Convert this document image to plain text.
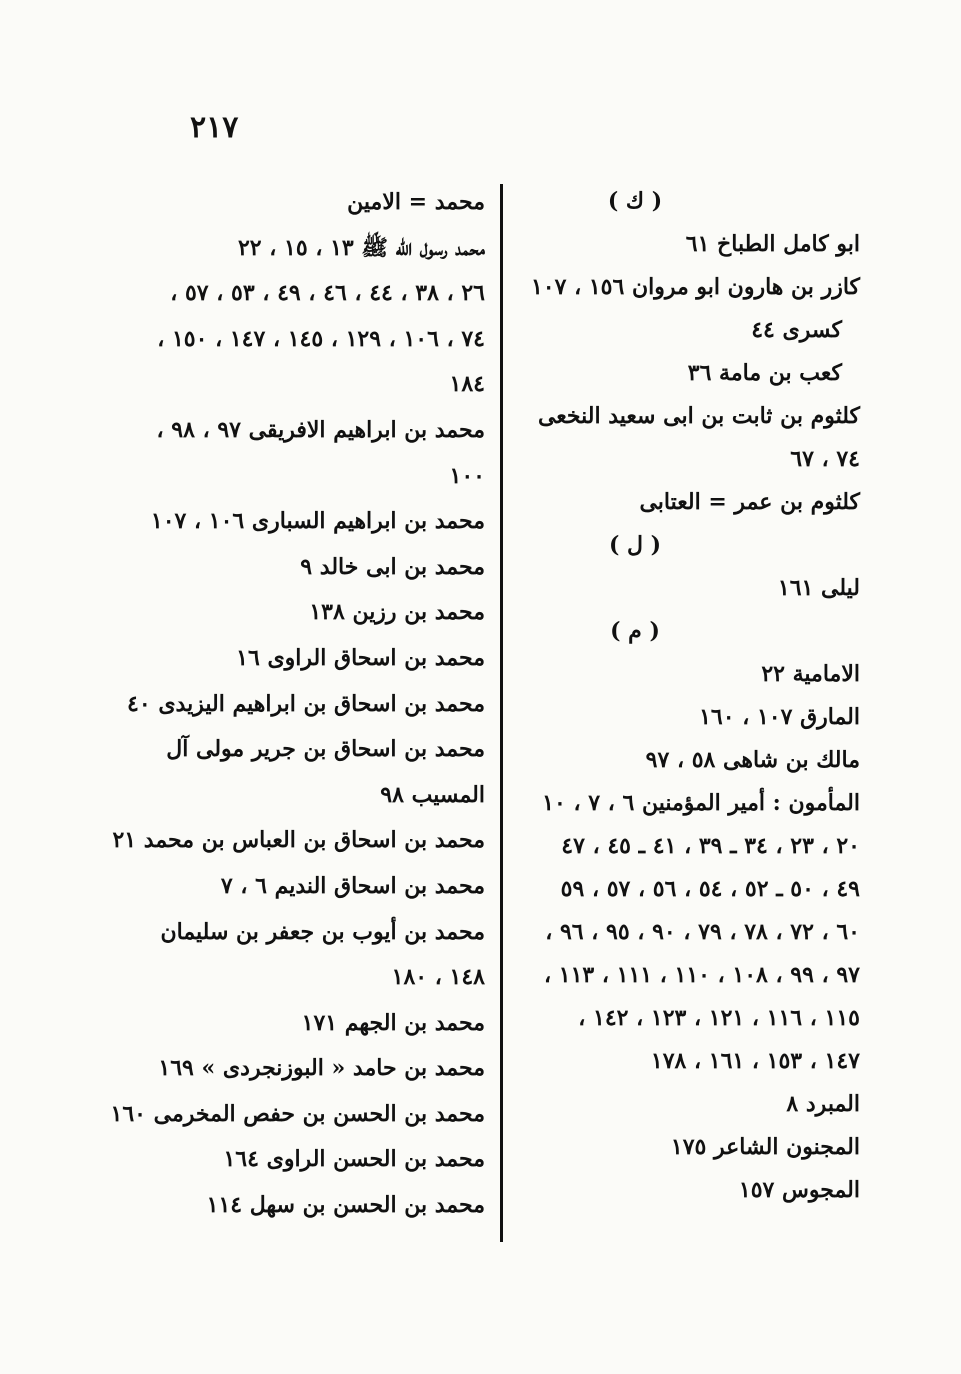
٢١٧
( ك )
ابو كامل الطباخ ٦١
كازر بن هارون ابو مروان ١٥٦ ، ١٠٧
كسرى ٤٤
كعب بن مامة ٣٦
كلثوم بن ثابت بن ابى سعيد النخعى
٧٤ ، ٦٧
كلثوم بن عمر = العتابى
( ل )
ليلى ١٦١
( م )
الامامية ٢٢
المارق ١٠٧ ، ١٦٠
مالك بن شاهى ٥٨ ، ٩٧
المأمون : أمير المؤمنين ٦ ، ٧ ، ١٠
٢٠ ، ٢٣ ، ٣٤ ـ ٣٩ ، ٤١ ـ ٤٥ ، ٤٧
٤٩ ، ٥٠ ـ ٥٢ ، ٥٤ ، ٥٦ ، ٥٧ ، ٥٩
٦٠ ، ٧٢ ، ٧٨ ، ٧٩ ، ٩٠ ، ٩٥ ، ٩٦ ،
٩٧ ، ٩٩ ، ١٠٨ ، ١١٠ ، ١١١ ، ١١٣ ،
١١٥ ، ١١٦ ، ١٢١ ، ١٢٣ ، ١٤٢ ،
١٤٧ ، ١٥٣ ، ١٦١ ، ١٧٨
المبرد ٨
المجنون الشاعر ١٧٥
المجوس ١٥٧
محمد = الامين
محمد رسول الله ﷺ ١٣ ، ١٥ ، ٢٢
٢٦ ، ٣٨ ، ٤٤ ، ٤٦ ، ٤٩ ، ٥٣ ، ٥٧ ،
٧٤ ، ١٠٦ ، ١٢٩ ، ١٤٥ ، ١٤٧ ، ١٥٠ ،
١٨٤
محمد بن ابراهيم الافريقى ٩٧ ، ٩٨ ،
١٠٠
محمد بن ابراهيم السبارى ١٠٦ ، ١٠٧
محمد بن ابى خالد ٩
محمد بن رزين ١٣٨
محمد بن اسحاق الراوى ١٦
محمد بن اسحاق بن ابراهيم اليزيدى ٤٠
محمد بن اسحاق بن جرير مولى آل
المسيب ٩٨
محمد بن اسحاق بن العباس بن محمد ٢١
محمد بن اسحاق النديم ٦ ، ٧
محمد بن أيوب بن جعفر بن سليمان
١٤٨ ، ١٨٠
محمد بن الجهم ١٧١
محمد بن حامد « البوزنجردى » ١٦٩
محمد بن الحسن بن حفص المخرمى ١٦٠
محمد بن الحسن الراوى ١٦٤
محمد بن الحسن بن سهل ١١٤
